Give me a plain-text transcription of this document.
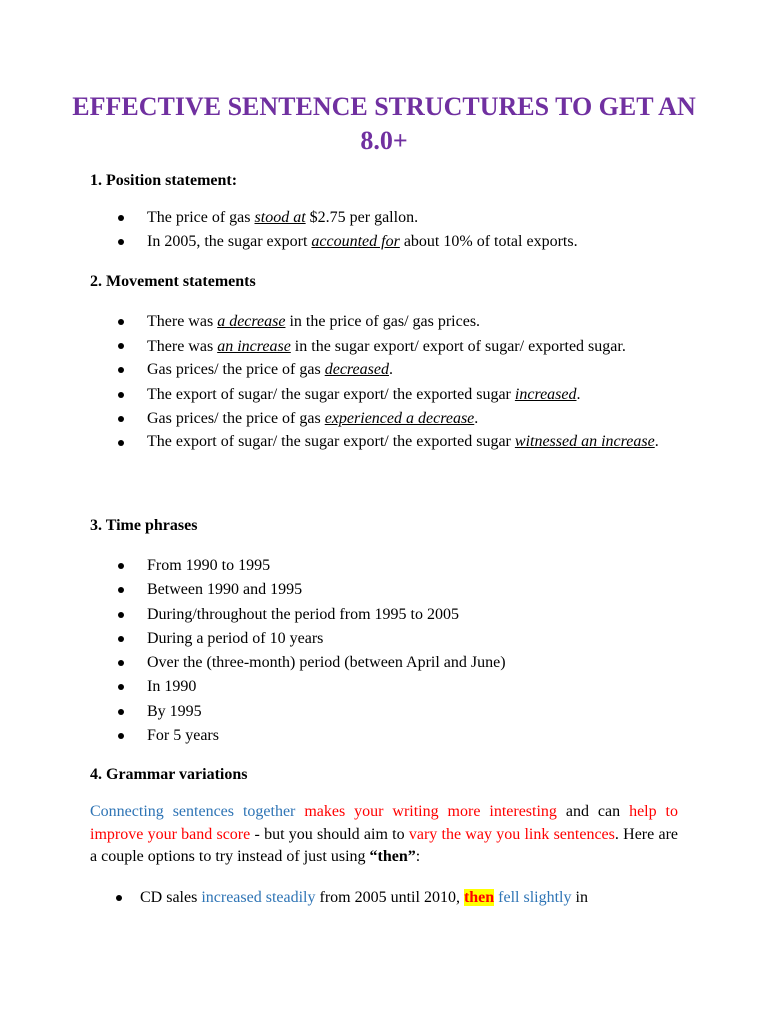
EFFECTIVE SENTENCE STRUCTURES TO GET AN 8.0+

1. Position statement:

The price of gas stood at $2.75 per gallon.
In 2005, the sugar export accounted for about 10% of total exports.

2. Movement statements

There was a decrease in the price of gas/ gas prices.
There was an increase in the sugar export/ export of sugar/ exported sugar.
Gas prices/ the price of gas decreased.
The export of sugar/ the sugar export/ the exported sugar increased.
Gas prices/ the price of gas experienced a decrease.
The export of sugar/ the sugar export/ the exported sugar witnessed an increase.

3. Time phrases

From 1990 to 1995
Between 1990 and 1995
During/throughout the period from 1995 to 2005
During a period of 10 years
Over the (three-month) period (between April and June)
In 1990
By 1995
For 5 years

4. Grammar variations

Connecting sentences together makes your writing more interesting and can help to improve your band score - but you should aim to vary the way you link sentences. Here are a couple options to try instead of just using “then”:

CD sales increased steadily from 2005 until 2010, then fell slightly in
